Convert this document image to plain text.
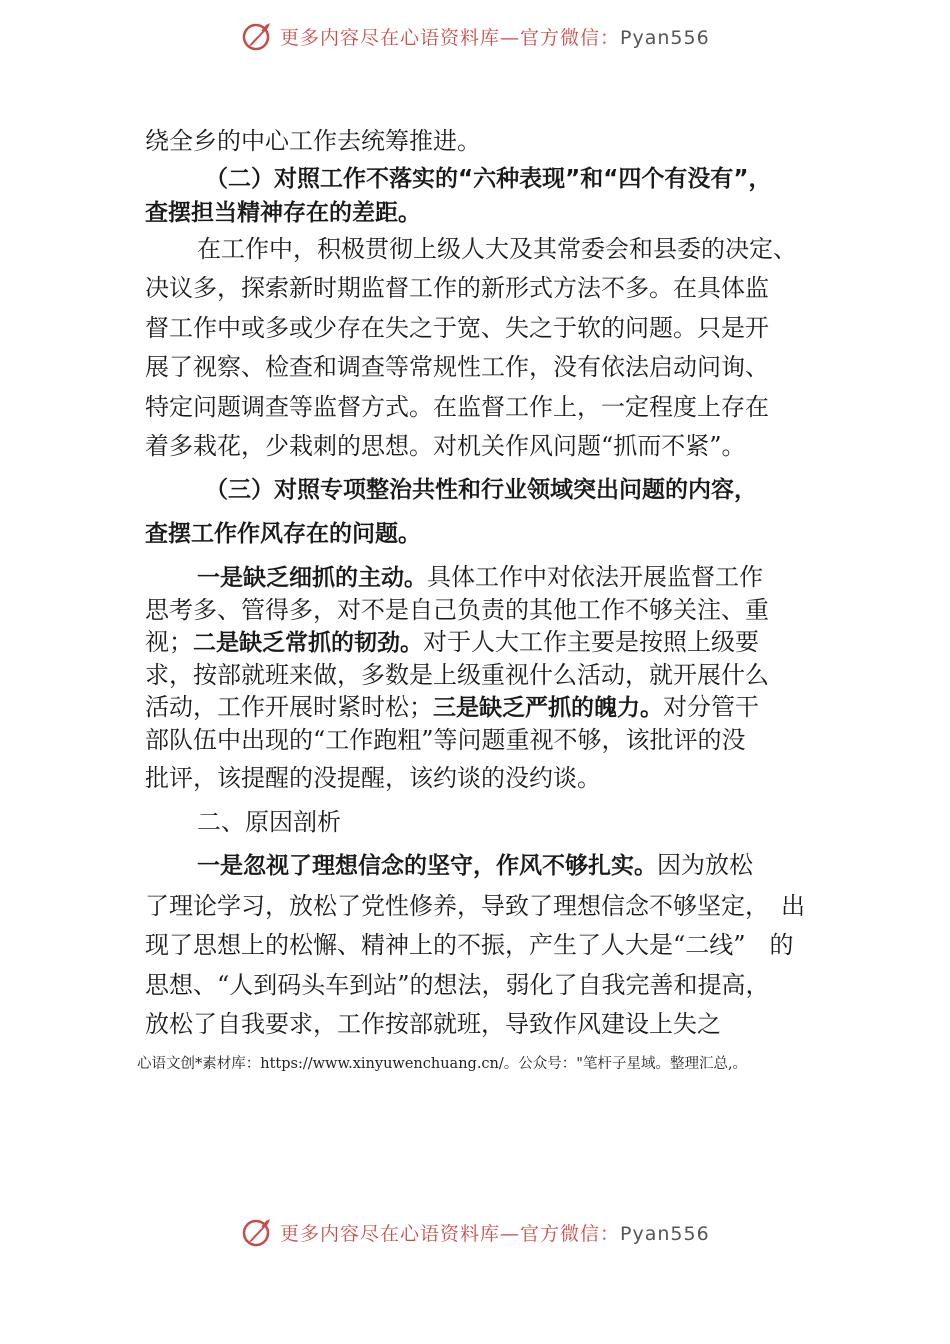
更多内容尽在心语资料库—官方微信：Pyan556
绕全乡的中心工作去统筹推进。
（二）对照工作不落实的“六种表现”和“四个有没有”，
查摆担当精神存在的差距。
在工作中，积极贯彻上级人大及其常委会和县委的决定、
决议多，探索新时期监督工作的新形式方法不多。在具体监
督工作中或多或少存在失之于宽、失之于软的问题。只是开
展了视察、检查和调查等常规性工作，没有依法启动问询、
特定问题调查等监督方式。在监督工作上，一定程度上存在
着多栽花，少栽刺的思想。对机关作风问题“抓而不紧”。
（三）对照专项整治共性和行业领域突出问题的内容，
查摆工作作风存在的问题。
一是缺乏细抓的主动。具体工作中对依法开展监督工作
思考多、管得多，对不是自己负责的其他工作不够关注、重
视；二是缺乏常抓的韧劲。对于人大工作主要是按照上级要
求，按部就班来做，多数是上级重视什么活动，就开展什么
活动，工作开展时紧时松；三是缺乏严抓的魄力。对分管干
部队伍中出现的“工作跑粗”等问题重视不够，该批评的没
批评，该提醒的没提醒，该约谈的没约谈。
二、原因剖析
一是忽视了理想信念的坚守，作风不够扎实。因为放松
了理论学习，放松了党性修养，导致了理想信念不够坚定，　出
现了思想上的松懈、精神上的不振，产生了人大是“二线”　的
思想、“人到码头车到站”的想法，弱化了自我完善和提高，
放松了自我要求，工作按部就班，导致作风建设上失之
心语文创*素材库：https://www.xinyuwenchuang.cn/。公众号："笔杆子星域。整理汇总,。
更多内容尽在心语资料库—官方微信：Pyan556
